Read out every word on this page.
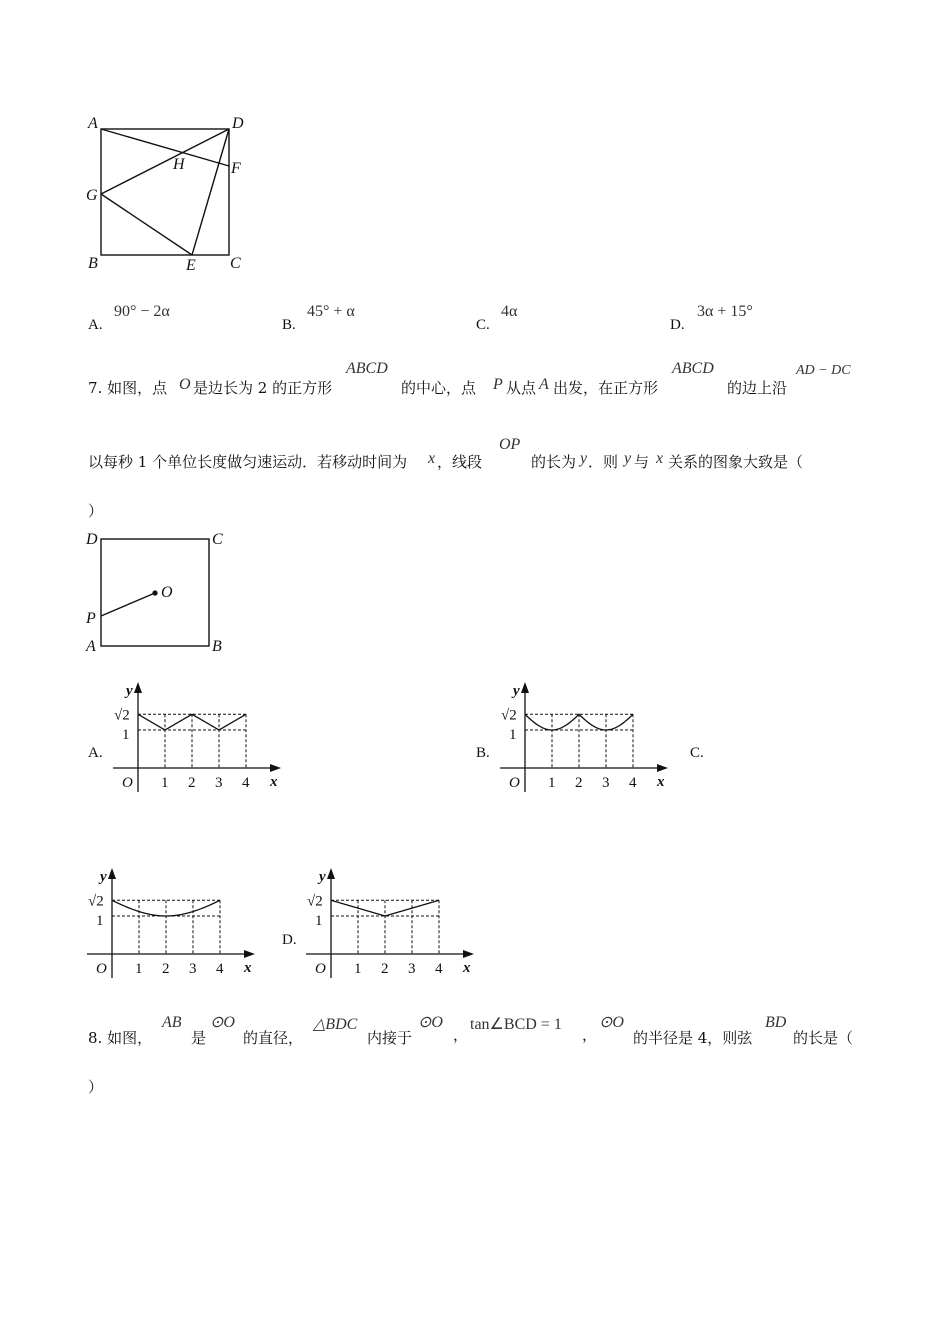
A	D
H	F
G
B	E C
A.
90° − 2α
B.
45° + α
C.
4α
D.
3α + 15°
7. 如图，点 O 是边长为 2 的正方形
ABCD
的中心，点 P 从点 A 出发，在正方形
ABCD
的边上沿
AD − DC
以每秒 1 个单位长度做匀速运动．若移动时间为 x ，线段
OP
的长为 y ．则 y 与 x 关系的图象大致是（
）
D	C
O
P
A	B
A.	B.	C.
D.
y
x
O
√2
1
1 2 3 4
y
x
O
√2
1
1 2 3 4
y
x
O
√2
1
1 2 3 4
y
x
O
√2
1
1 2 3 4
8. 如图，
AB
是
⊙O
的直径，
△BDC
内接于
⊙O
，
tan∠BCD = 1
，
⊙O
的半径是 4，则弦
BD
的长是（
）
